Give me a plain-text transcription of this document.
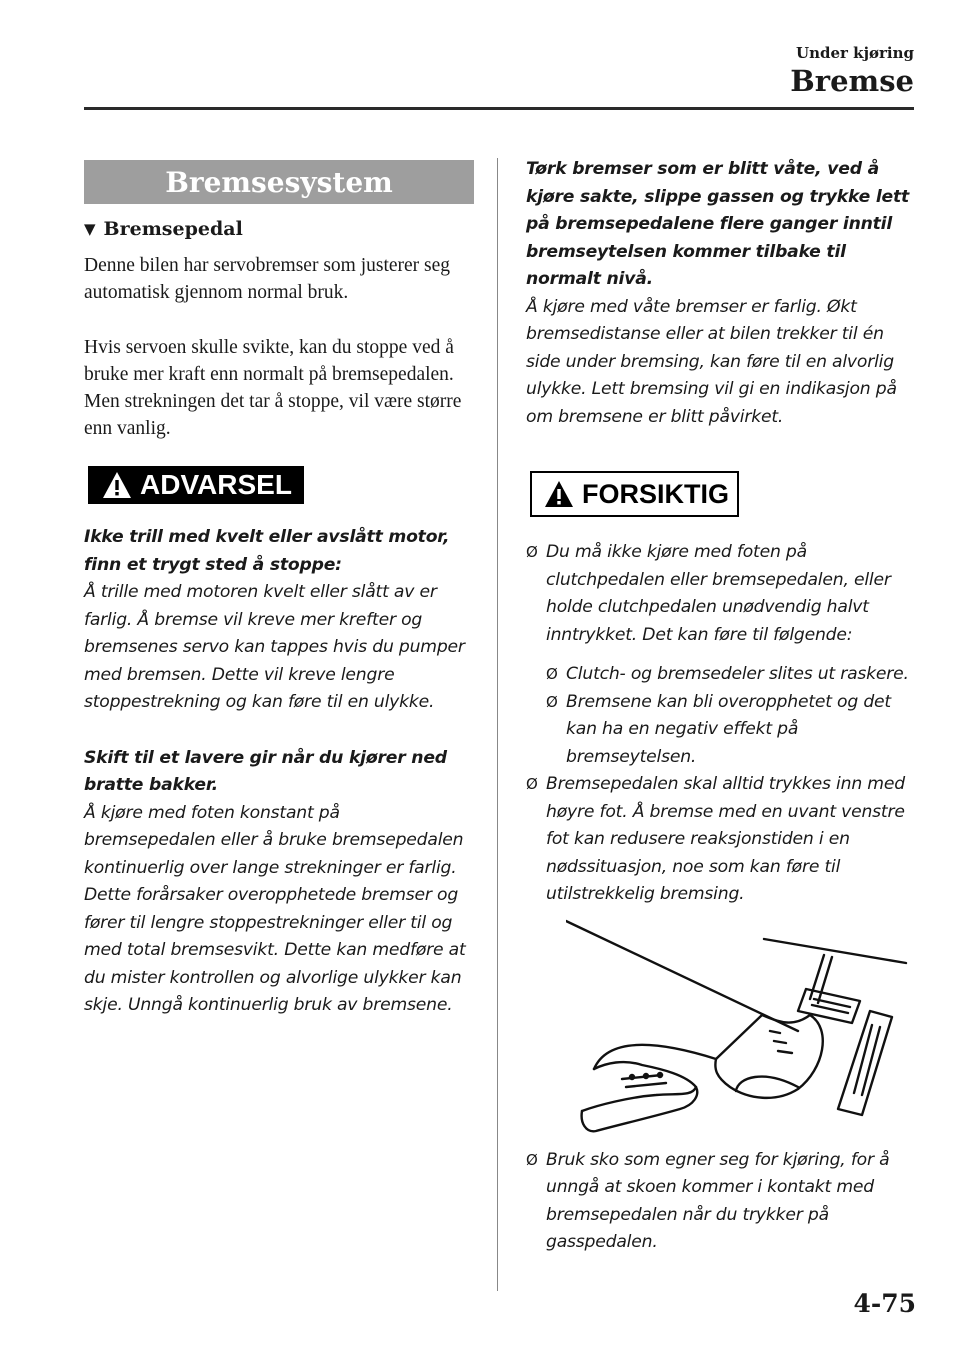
Under kjøring
Bremse
Bremsesystem
▼ Bremsepedal

Denne bilen har servobremser som justerer seg automatisk gjennom normal bruk.

Hvis servoen skulle svikte, kan du stoppe ved å bruke mer kraft enn normalt på bremsepedalen. Men strekningen det tar å stoppe, vil være større enn vanlig.

ADVARSEL

Ikke trill med kvelt eller avslått motor, finn et trygt sted å stoppe:

Å trille med motoren kvelt eller slått av er farlig. Å bremse vil kreve mer krefter og bremsenes servo kan tappes hvis du pumper med bremsen. Dette vil kreve lengre stoppestrekning og kan føre til en ulykke.

Skift til et lavere gir når du kjører ned bratte bakker.

Å kjøre med foten konstant på bremsepedalen eller å bruke bremsepedalen kontinuerlig over lange strekninger er farlig. Dette forårsaker overopphetede bremser og fører til lengre stoppestrekninger eller til og med total bremsesvikt. Dette kan medføre at du mister kontrollen og alvorlige ulykker kan skje. Unngå kontinuerlig bruk av bremsene.

Tørk bremser som er blitt våte, ved å kjøre sakte, slippe gassen og trykke lett på bremsepedalene flere ganger inntil bremseytelsen kommer tilbake til normalt nivå.

Å kjøre med våte bremser er farlig. Økt bremsedistanse eller at bilen trekker til én side under bremsing, kan føre til en alvorlig ulykke. Lett bremsing vil gi en indikasjon på om bremsene er blitt påvirket.

FORSIKTIG
Ø Du må ikke kjøre med foten på clutchpedalen eller bremsepedalen, eller holde clutchpedalen unødvendig halvt inntrykket. Det kan føre til følgende:

Ø Clutch- og bremsedeler slites ut raskere.

Ø Bremsene kan bli overopphetet og det kan ha en negativ effekt på bremseytelsen.

Ø Bremsepedalen skal alltid trykkes inn med høyre fot. Å bremse med en uvant venstre fot kan redusere reaksjonstiden i en nødssituasjon, noe som kan føre til utilstrekkelig bremsing.

Ø Bruk sko som egner seg for kjøring, for å unngå at skoen kommer i kontakt med bremsepedalen når du trykker på gasspedalen.

4-75
